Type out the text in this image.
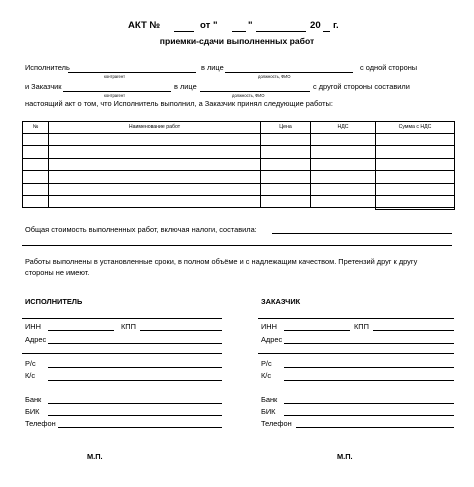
АКТ №	от "	"	20 г.
приемки-сдачи выполненных работ
Исполнитель
контрагент
в лице
должность, ФИО
с одной стороны
и Заказчик
контрагент
в лице
должность, ФИО
с другой стороны составили
настоящий акт о том, что Исполнитель выполнил, а Заказчик принял следующие работы:
№	Наименование работ	Цена	НДС	Сумма с НДС

Общая стоимость выполненных работ, включая налоги, составила:
Работы выполнены в установленные сроки, в полном объёме и с надлежащим качеством. Претензий друг к другу
стороны не имеют.
ИСПОЛНИТЕЛЬ
ИНН	КПП
Адрес
Р/с
К/с
Банк
БИК
Телефон
М.П.
ЗАКАЗЧИК
ИНН	КПП
Адрес
Р/с
К/с
Банк
БИК
Телефон
М.П.
